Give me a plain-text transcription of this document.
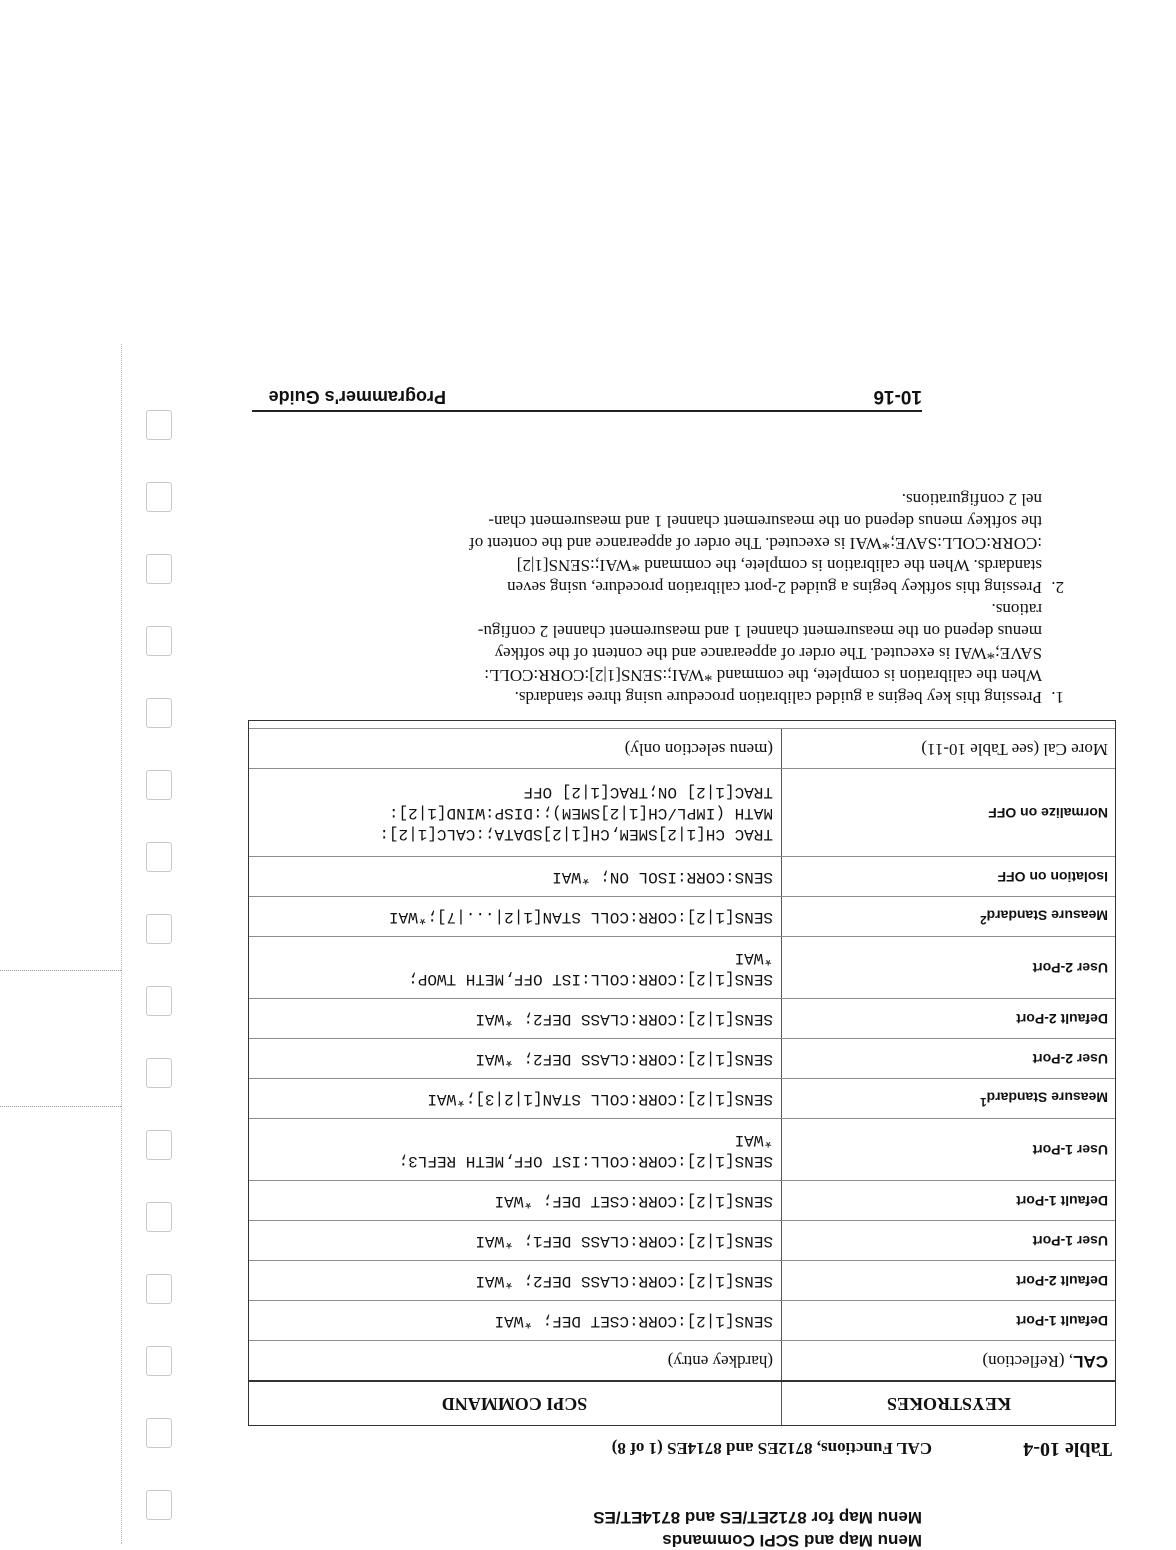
Menu Map and SCPI Commands
Menu Map for 8712ET/ES and 8714ET/ES
Table 10-4
CAL Functions, 8712ES and 8714ES (1 of 8)
KEYSTROKES	SCPI COMMAND
CAL, (Reflection)	(hardkey entry)
Default 1-Port	SENS[1|2]:CORR:CSET DEF; *WAI
Default 2-Port	SENS[1|2]:CORR:CLASS DEF2; *WAI
User 1-Port	SENS[1|2]:CORR:CLASS DEF1; *WAI
Default 1-Port	SENS[1|2]:CORR:CSET DEF; *WAI
User 1-Port	SENS[1|2]:CORR:COLL:IST OFF,METH REFL3;
*WAI

Measure Standard$^1$	SENS[1|2]:CORR:COLL STAN[1|2|3];*WAI
User 2-Port	SENS[1|2]:CORR:CLASS DEF2; *WAI
Default 2-Port	SENS[1|2]:CORR:CLASS DEF2; *WAI
User 2-Port	SENS[1|2]:CORR:COLL:IST OFF,METH TWOP;
*WAI

Measure Standard$^2$	SENS[1|2]:CORR:COLL STAN[1|2|...|7];*WAI
Isolation on OFF	SENS:CORR:ISOL ON; *WAI
Normalize on OFF	TRAC CH[1|2]SMEM,CH[1|2]SDATA;:CALC[1|2]:
MATH (IMPL/CH[1|2]SMEM);:DISP:WIND[1|2]:
TRAC[1|2] ON;TRAC[1|2] OFF

More Cal (see Table 10-11)	(menu selection only)
1.
Pressing this key begins a guided calibration procedure using three standards.
When the calibration is complete, the command *WAI;:SENS[1|2]:CORR:COLL:
SAVE;*WAI is executed. The order of appearance and the content of the softkey
menus depend on the measurement channel 1 and measurement channel 2 configu-
rations.
2.
Pressing this softkey begins a guided 2-port calibration procedure, using seven
standards. When the calibration is complete, the command *WAI;:SENS[1|2]
:CORR:COLL:SAVE;*WAI is executed. The order of appearance and the content of
the softkey menus depend on the measurement channel 1 and measurement chan-
nel 2 configurations.
10-16
Programmer's Guide
